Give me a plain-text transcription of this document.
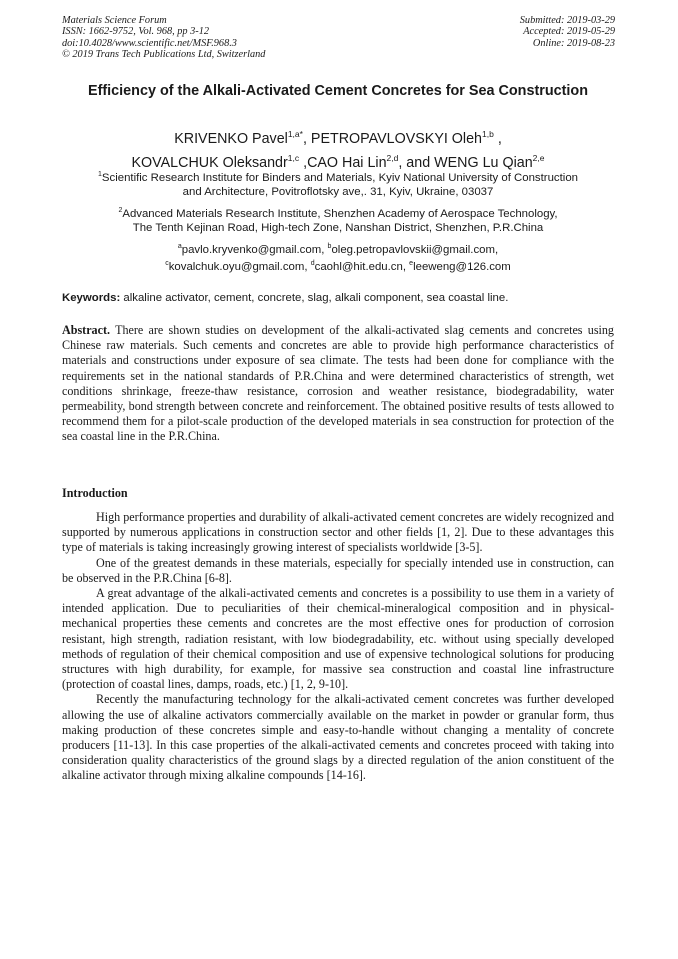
Materials Science Forum
ISSN: 1662-9752, Vol. 968, pp 3-12
doi:10.4028/www.scientific.net/MSF.968.3
© 2019 Trans Tech Publications Ltd, Switzerland
Submitted: 2019-03-29
Accepted: 2019-05-29
Online: 2019-08-23
Efficiency of the Alkali-Activated Cement Concretes for Sea Construction
KRIVENKO Pavel$^{1,a*}$, PETROPAVLOVSKYI Oleh$^{1,b}$ ,
KOVALCHUK Oleksandr$^{1,c}$ ,CAO Hai Lin$^{2,d}$, and WENG Lu Qian$^{2,e}$
$^1$Scientific Research Institute for Binders and Materials, Kyiv National University of Construction
and Architecture, Povitroflotsky ave,. 31, Kyiv, Ukraine, 03037
$^2$Advanced Materials Research Institute, Shenzhen Academy of Aerospace Technology,
The Tenth Kejinan Road, High-tech Zone, Nanshan District, Shenzhen, P.R.China
$^a$pavlo.kryvenko@gmail.com, $^b$oleg.petropavlovskii@gmail.com,
$^c$kovalchuk.oyu@gmail.com, $^d$caohl@hit.edu.cn, $^e$leeweng@126.com
Keywords: alkaline activator, cement, concrete, slag, alkali component, sea coastal line.
Abstract. There are shown studies on development of the alkali-activated slag cements and concretes using Chinese raw materials. Such cements and concretes are able to provide high performance characteristics of materials and constructions under exposure of sea climate. The tests had been done for compliance with the requirements set in the national standards of P.R.China and were determined characteristics of strength, wet conditions shrinkage, freeze-thaw resistance, corrosion and weather resistance, biodegradability, water permeability, bond strength between concrete and reinforcement. The obtained positive results of tests allowed to recommend them for a pilot-scale production of the developed materials in sea construction for protection of the sea coastal line in the P.R.China.
Introduction

High performance properties and durability of alkali-activated cement concretes are widely recognized and supported by numerous applications in construction sector and other fields [1, 2]. Due to these advantages this type of materials is taking increasingly growing interest of specialists worldwide [3-5].

One of the greatest demands in these materials, especially for specially intended use in construction, can be observed in the P.R.China [6-8].

A great advantage of the alkali-activated cements and concretes is a possibility to use them in a variety of intended application. Due to peculiarities of their chemical-mineralogical composition and in physical-mechanical properties these cements and concretes are the most effective ones for production of corrosion resistant, high strength, radiation resistant, with low biodegradability, etc. without using specially developed methods of regulation of their chemical composition and use of expensive technological solutions for producing structures with high durability, for example, for massive sea construction and coastal line infrastructure (protection of coastal lines, damps, roads, etc.) [1, 2, 9-10].

Recently the manufacturing technology for the alkali-activated cement concretes was further developed allowing the use of alkaline activators commercially available on the market in powder or granular form, thus making production of these concretes simple and easy-to-handle without changing a mentality of concrete producers [11-13]. In this case properties of the alkali-activated cements and concretes proceed with taking into consideration quality characteristics of the ground slags by a directed regulation of the anion constituent of the alkaline activator through mixing alkaline compounds [14-16].
